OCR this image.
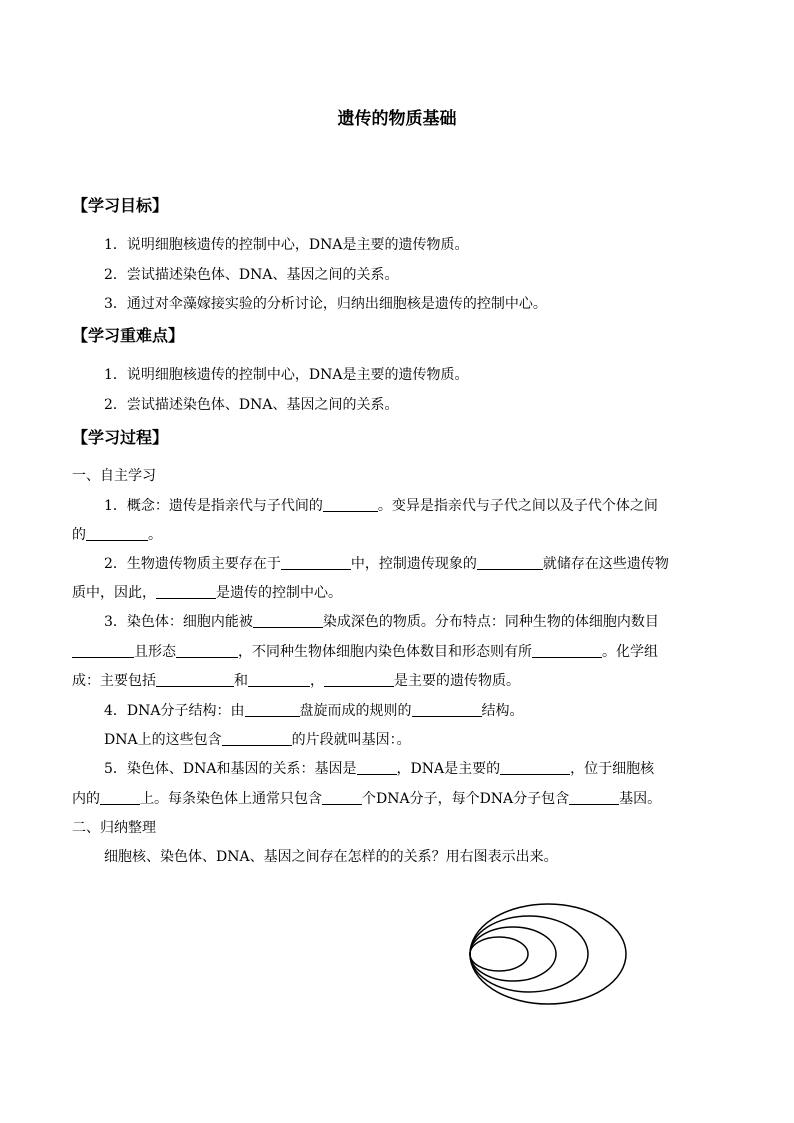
遗传的物质基础
【学习目标】
1．说明细胞核遗传的控制中心，DNA是主要的遗传物质。
2．尝试描述染色体、DNA、基因之间的关系。
3．通过对伞藻嫁接实验的分析讨论，归纳出细胞核是遗传的控制中心。
【学习重难点】
1．说明细胞核遗传的控制中心，DNA是主要的遗传物质。
2．尝试描述染色体、DNA、基因之间的关系。
【学习过程】
一、自主学习
1．概念：遗传是指亲代与子代间的	。变异是指亲代与子代之间以及子代个体之间
的	。
2．生物遗传物质主要存在于	中，控制遗传现象的	就储存在这些遗传物
质中，因此，	是遗传的控制中心。
3．染色体：细胞内能被	染成深色的物质。分布特点：同种生物的体细胞内数目
且形态	，不同种生物体细胞内染色体数目和形态则有所	。化学组
成：主要包括	和	，	是主要的遗传物质。
4．DNA分子结构：由	盘旋而成的规则的	结构。
DNA上的这些包含	的片段就叫基因：。
5．染色体、DNA和基因的关系：基因是	，DNA是主要的	，位于细胞核
内的	上。每条染色体上通常只包含	个DNA分子，每个DNA分子包含	基因。
二、归纳整理
细胞核、染色体、DNA、基因之间存在怎样的的关系？用右图表示出来。
